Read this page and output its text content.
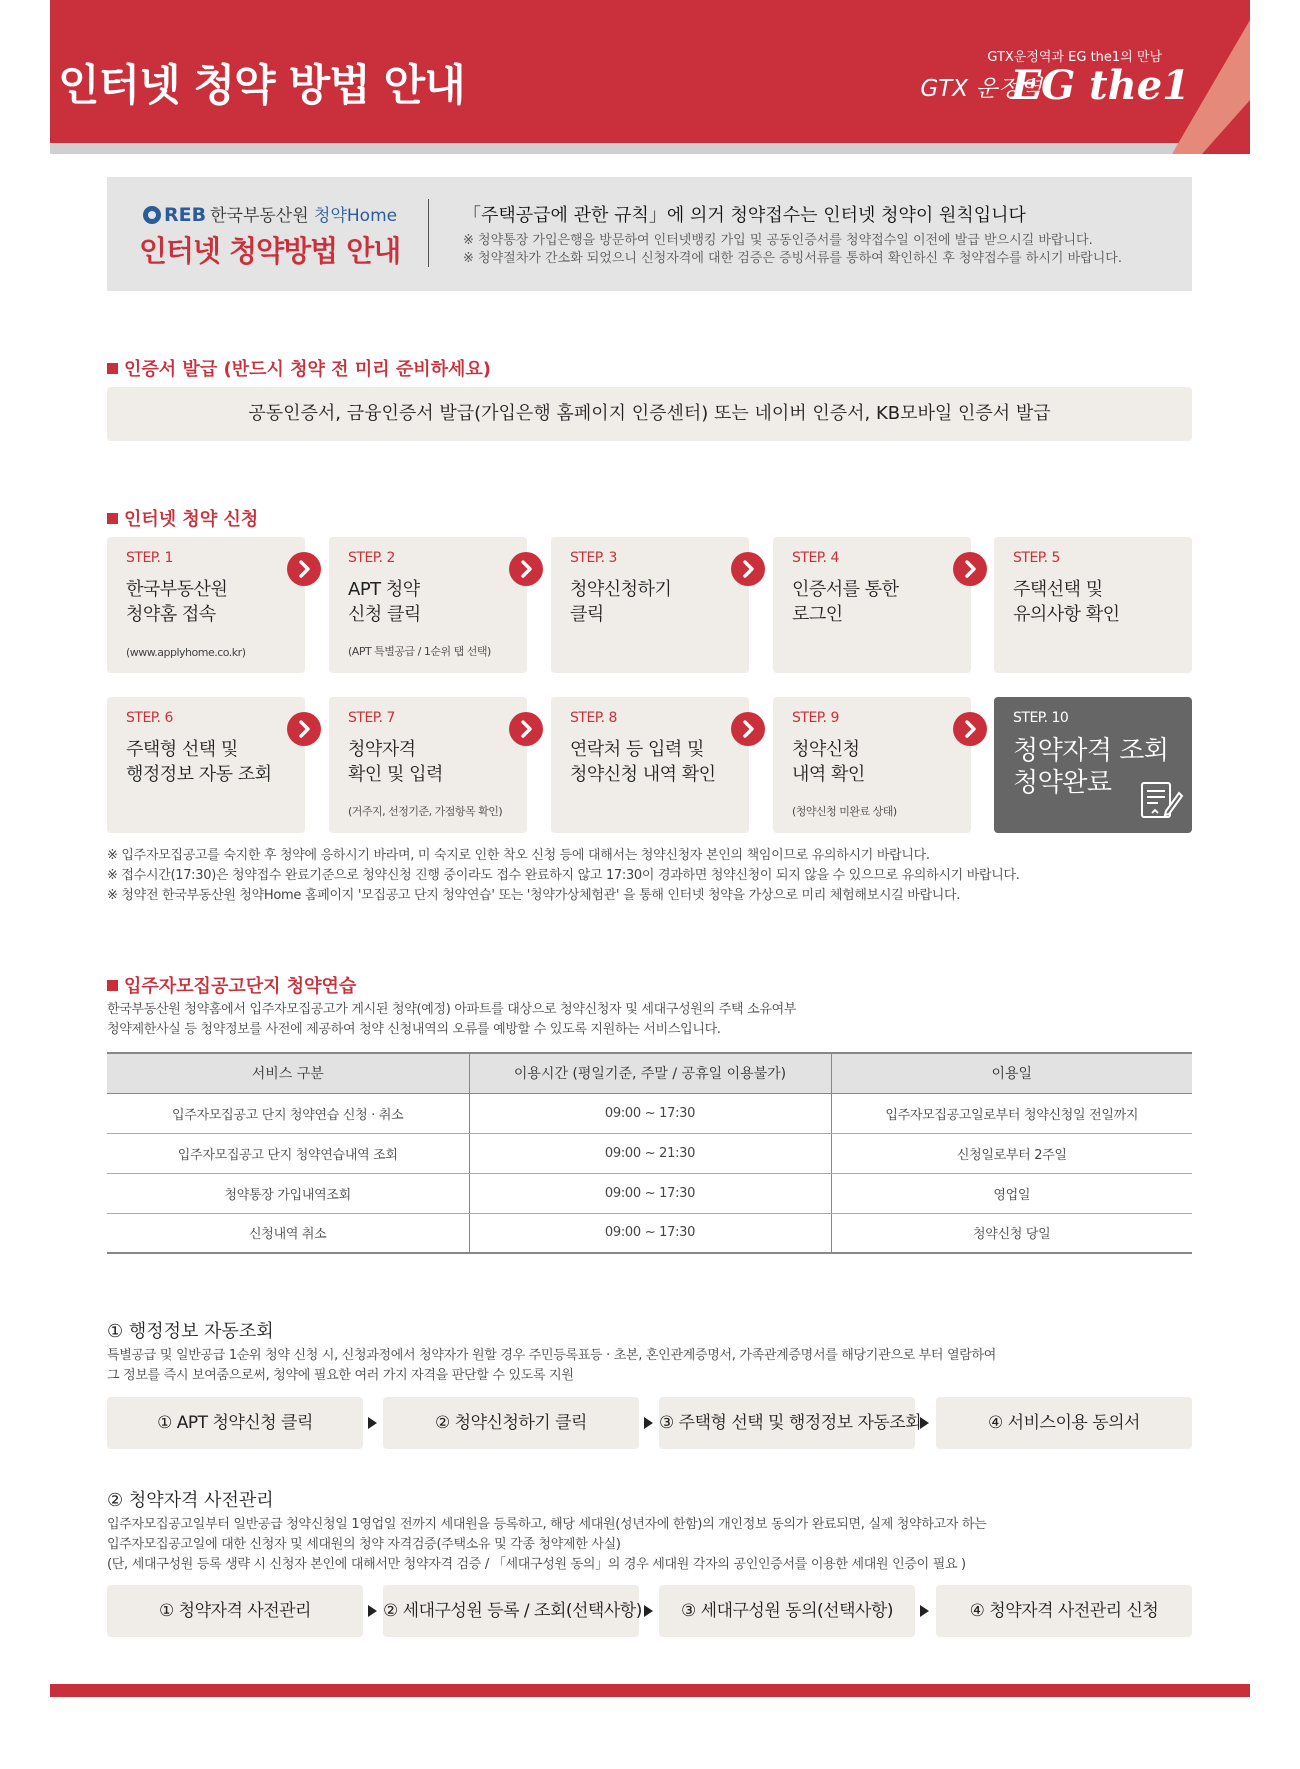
인터넷 청약 방법 안내
GTX운정역과 EG the1의 만남
GTX 운정역
EG the1
REB 한국부동산원 청약Home
인터넷 청약방법 안내
「주택공급에 관한 규칙」에 의거 청약접수는 인터넷 청약이 원칙입니다
※ 청약통장 가입은행을 방문하여 인터넷뱅킹 가입 및 공동인증서를 청약접수일 이전에 발급 받으시길 바랍니다.
※ 청약절차가 간소화 되었으니 신청자격에 대한 검증은 증빙서류를 통하여 확인하신 후 청약접수를 하시기 바랍니다.
인증서 발급 (반드시 청약 전 미리 준비하세요)
공동인증서, 금융인증서 발급(가입은행 홈페이지 인증센터) 또는 네이버 인증서, KB모바일 인증서 발급
인터넷 청약 신청
STEP. 1
한국부동산원
청약홈 접속
(www.applyhome.co.kr)
STEP. 2
APT 청약
신청 클릭
(APT 특별공급 / 1순위 탭 선택)
STEP. 3
청약신청하기
클릭
STEP. 4
인증서를 통한
로그인
STEP. 5
주택선택 및
유의사항 확인
STEP. 6
주택형 선택 및
행정정보 자동 조회
STEP. 7
청약자격
확인 및 입력
(거주지, 선정기준, 가점항목 확인)
STEP. 8
연락처 등 입력 및
청약신청 내역 확인
STEP. 9
청약신청
내역 확인
(청약신청 미완료 상태)
STEP. 10
청약자격 조회
청약완료
※ 입주자모집공고를 숙지한 후 청약에 응하시기 바라며, 미 숙지로 인한 착오 신청 등에 대해서는 청약신청자 본인의 책임이므로 유의하시기 바랍니다.
※ 접수시간(17:30)은 청약접수 완료기준으로 청약신청 진행 중이라도 접수 완료하지 않고 17:30이 경과하면 청약신청이 되지 않을 수 있으므로 유의하시기 바랍니다.
※ 청약전 한국부동산원 청약Home 홈페이지 '모집공고 단지 청약연습' 또는 '청약가상체험관' 을 통해 인터넷 청약을 가상으로 미리 체험해보시길 바랍니다.
입주자모집공고단지 청약연습
한국부동산원 청약홈에서 입주자모집공고가 게시된 청약(예정) 아파트를 대상으로 청약신청자 및 세대구성원의 주택 소유여부
청약제한사실 등 청약정보를 사전에 제공하여 청약 신청내역의 오류를 예방할 수 있도록 지원하는 서비스입니다.
서비스 구분	이용시간 (평일기준, 주말 / 공휴일 이용불가)	이용일
입주자모집공고 단지 청약연습 신청 · 취소	09:00 ~ 17:30	입주자모집공고일로부터 청약신청일 전일까지
입주자모집공고 단지 청약연습내역 조회	09:00 ~ 21:30	신청일로부터 2주일
청약통장 가입내역조회	09:00 ~ 17:30	영업일
신청내역 취소	09:00 ~ 17:30	청약신청 당일
① 행정정보 자동조회
특별공급 및 일반공급 1순위 청약 신청 시, 신청과정에서 청약자가 원할 경우 주민등록표등 · 초본, 혼인관계증명서, 가족관계증명서를 해당기관으로 부터 열람하여
그 정보를 즉시 보여줌으로써, 청약에 필요한 여러 가지 자격을 판단할 수 있도록 지원
① APT 청약신청 클릭	② 청약신청하기 클릭	③ 주택형 선택 및 행정정보 자동조회	④ 서비스이용 동의서
② 청약자격 사전관리
입주자모집공고일부터 일반공급 청약신청일 1영업일 전까지 세대원을 등록하고, 해당 세대원(성년자에 한함)의 개인정보 동의가 완료되면, 실제 청약하고자 하는
입주자모집공고일에 대한 신청자 및 세대원의 청약 자격검증(주택소유 및 각종 청약제한 사실)
(단, 세대구성원 등록 생략 시 신청자 본인에 대해서만 청약자격 검증 / 「세대구성원 동의」의 경우 세대원 각자의 공인인증서를 이용한 세대원 인증이 필요 )
① 청약자격 사전관리	② 세대구성원 등록 / 조회(선택사항)	③ 세대구성원 동의(선택사항)	④ 청약자격 사전관리 신청
